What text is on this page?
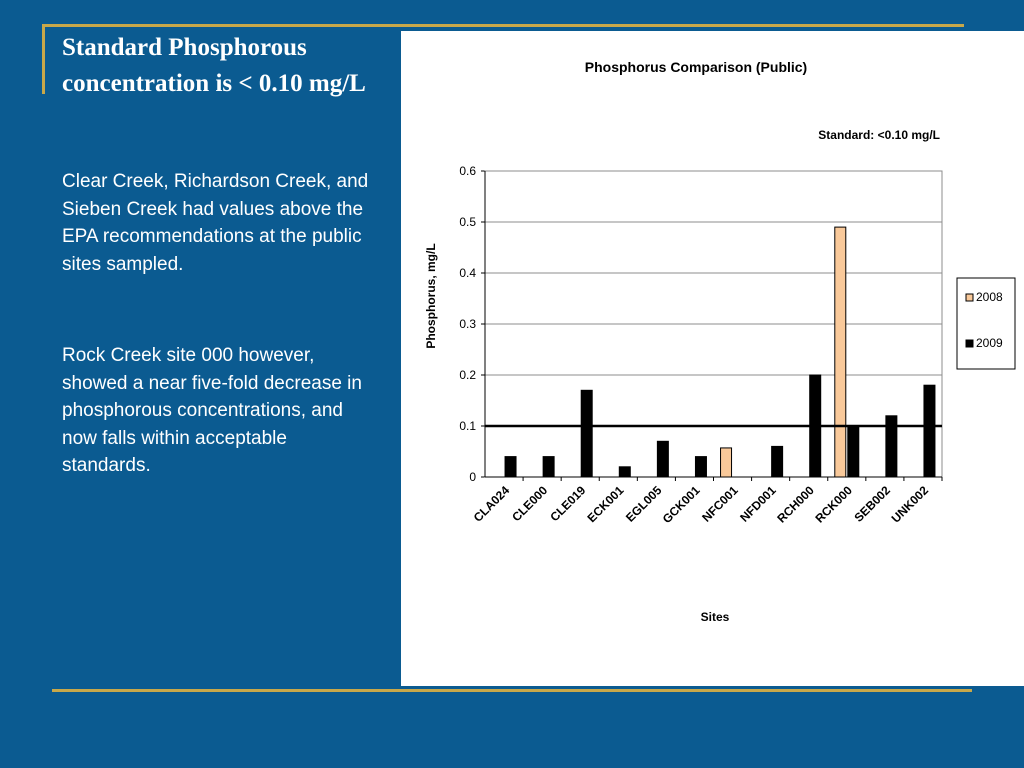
Standard Phosphorous concentration is < 0.10 mg/L

Clear Creek, Richardson Creek, and Sieben Creek had values above the EPA recommendations at the public sites sampled.

Rock Creek site 000 however, showed a near five-fold decrease in phosphorous concentrations, and now falls within acceptable standards.

Phosphorus Comparison (Public)
Standard: <0.10 mg/L
Sites
Phosphorus, mg/L
0
0.1
0.2
0.3
0.4
0.5
0.6
CLA024
CLE000
CLE019
ECK001
EGL005
GCK001
NFC001
NFD001
RCH000
RCK000
SEB002
UNK002
2008
2009
